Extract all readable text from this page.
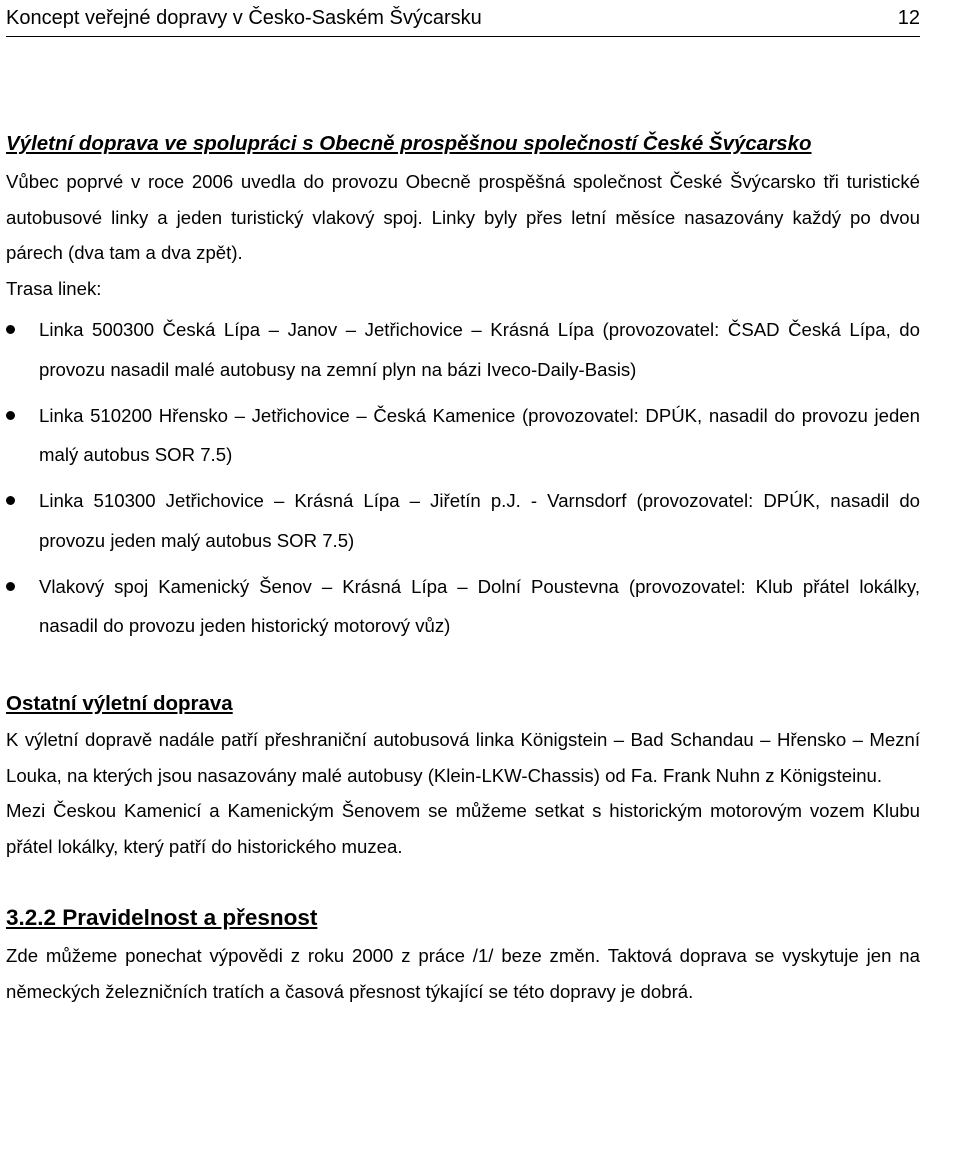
Koncept veřejné dopravy v Česko-Saském Švýcarsku	12

Výletní doprava ve spolupráci s Obecně prospěšnou společností České Švýcarsko

Vůbec poprvé v roce 2006 uvedla do provozu Obecně prospěšná společnost České Švýcarsko tři turistické autobusové linky a jeden turistický vlakový spoj. Linky byly přes letní měsíce nasazovány každý po dvou párech (dva tam a dva zpět).

Trasa linek:

Linka 500300 Česká Lípa – Janov – Jetřichovice – Krásná Lípa (provozovatel: ČSAD Česká Lípa, do provozu nasadil malé autobusy na zemní plyn na bázi Iveco-Daily-Basis)
Linka 510200 Hřensko – Jetřichovice – Česká Kamenice (provozovatel: DPÚK, nasadil do provozu jeden malý autobus SOR 7.5)
Linka 510300 Jetřichovice – Krásná Lípa – Jiřetín p.J. - Varnsdorf (provozovatel: DPÚK, nasadil do provozu jeden malý autobus SOR 7.5)
Vlakový spoj Kamenický Šenov – Krásná Lípa – Dolní Poustevna (provozovatel: Klub přátel lokálky, nasadil do provozu jeden historický motorový vůz)

Ostatní výletní doprava

K výletní dopravě nadále patří přeshraniční autobusová linka Königstein – Bad Schandau – Hřensko – Mezní Louka, na kterých jsou nasazovány malé autobusy (Klein-LKW-Chassis) od Fa. Frank Nuhn z Königsteinu.

Mezi Českou Kamenicí a Kamenickým Šenovem se můžeme setkat s historickým motorovým vozem Klubu přátel lokálky, který patří do historického muzea.

3.2.2 Pravidelnost a přesnost

Zde můžeme ponechat výpovědi z roku 2000 z práce /1/ beze změn. Taktová doprava se vyskytuje jen na německých železničních tratích a časová přesnost týkající se této dopravy je dobrá.
